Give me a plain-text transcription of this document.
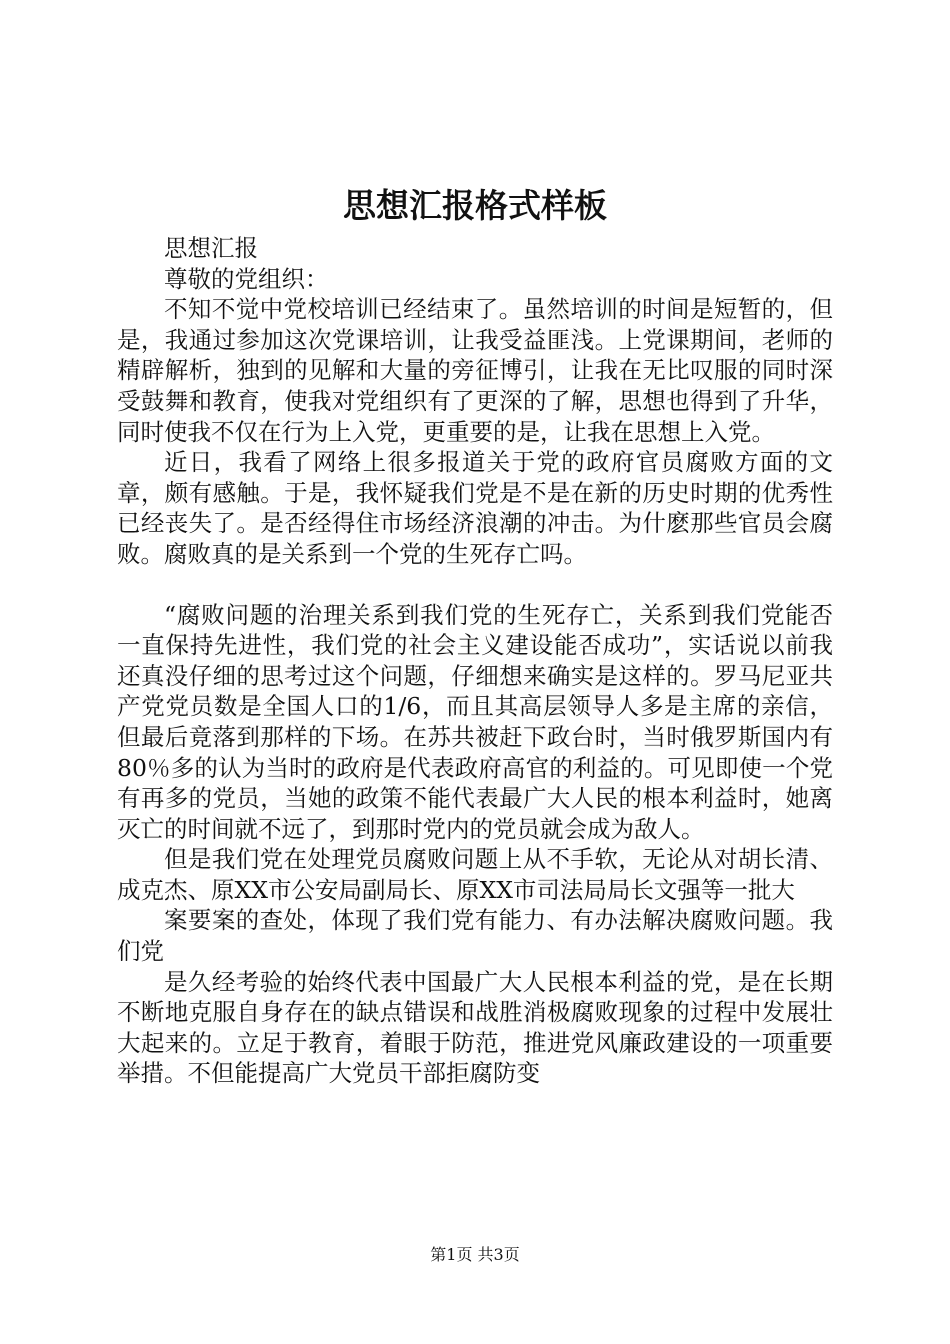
思想汇报格式样板

思想汇报

尊敬的党组织：

不知不觉中党校培训已经结束了。虽然培训的时间是短暂的，但是，我通过参加这次党课培训，让我受益匪浅。上党课期间，老师的精辟解析，独到的见解和大量的旁征博引，让我在无比叹服的同时深受鼓舞和教育，使我对党组织有了更深的了解，思想也得到了升华，同时使我不仅在行为上入党，更重要的是，让我在思想上入党。

近日，我看了网络上很多报道关于党的政府官员腐败方面的文章，颇有感触。于是，我怀疑我们党是不是在新的历史时期的优秀性已经丧失了。是否经得住市场经济浪潮的冲击。为什麽那些官员会腐败。腐败真的是关系到一个党的生死存亡吗。

“腐败问题的治理关系到我们党的生死存亡，关系到我们党能否一直保持先进性，我们党的社会主义建设能否成功”，实话说以前我还真没仔细的思考过这个问题，仔细想来确实是这样的。罗马尼亚共产党党员数是全国人口的1/6，而且其高层领导人多是主席的亲信，但最后竟落到那样的下场。在苏共被赶下政台时，当时俄罗斯国内有80％多的认为当时的政府是代表政府高官的利益的。可见即使一个党有再多的党员，当她的政策不能代表最广大人民的根本利益时，她离灭亡的时间就不远了，到那时党内的党员就会成为敌人。

但是我们党在处理党员腐败问题上从不手软，无论从对胡长清、成克杰、原XX市公安局副局长、原XX市司法局局长文强等一批大

案要案的查处，体现了我们党有能力、有办法解决腐败问题。我们党

是久经考验的始终代表中国最广大人民根本利益的党，是在长期不断地克服自身存在的缺点错误和战胜消极腐败现象的过程中发展壮大起来的。立足于教育，着眼于防范，推进党风廉政建设的一项重要举措。不但能提高广大党员干部拒腐防变

第1页 共3页
